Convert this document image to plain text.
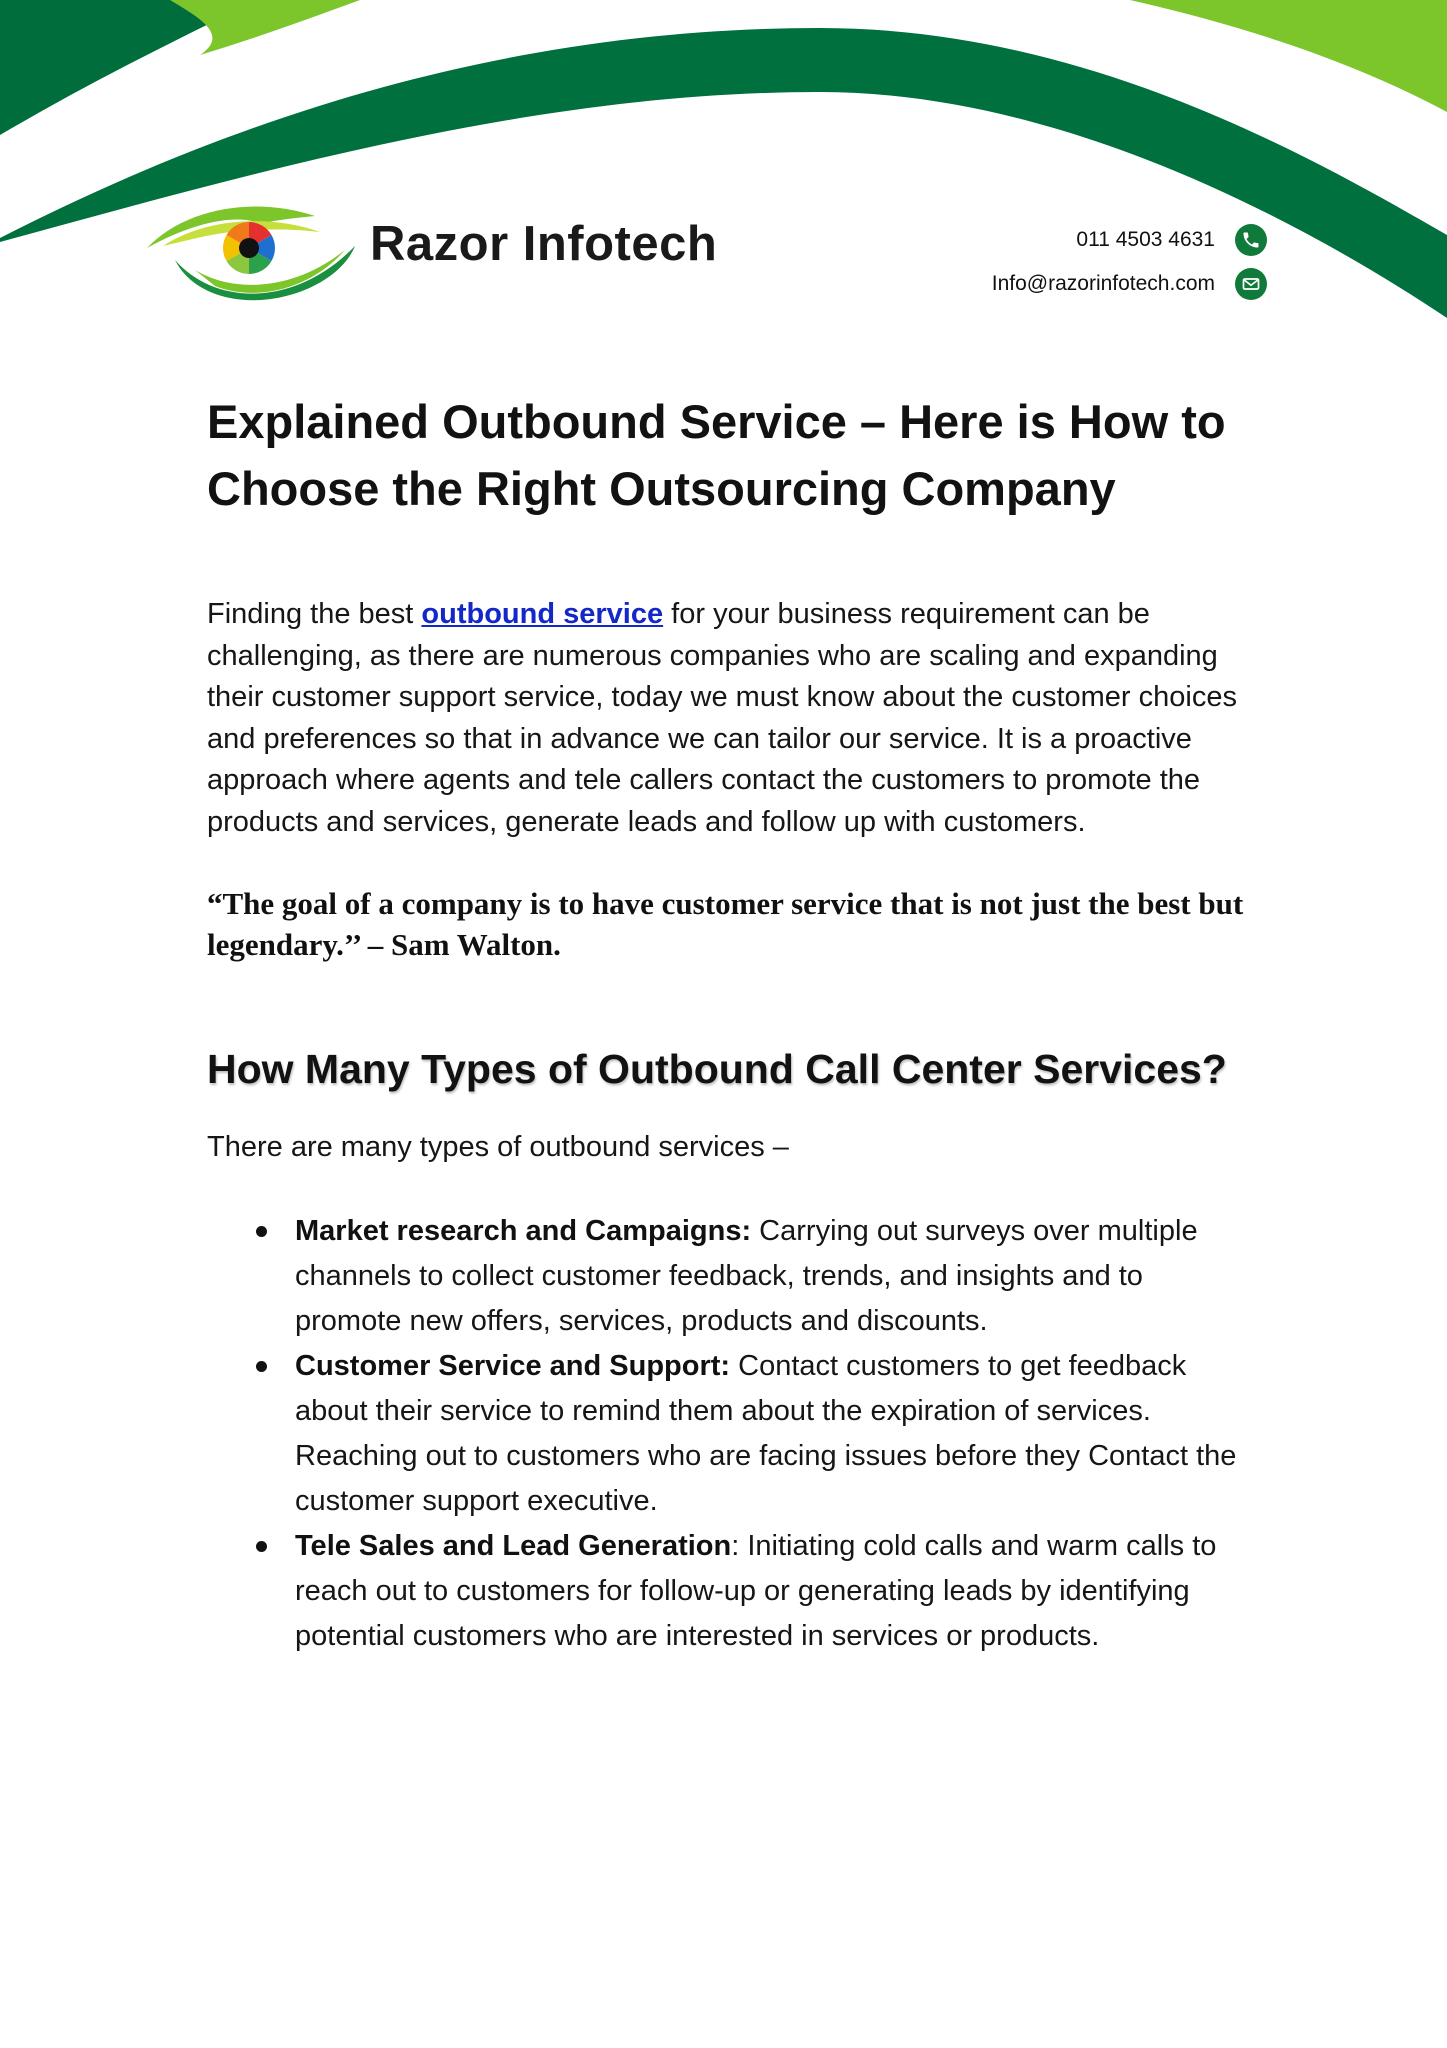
Razor Infotech	011 4503 4631
Info@razorinfotech.com
Explained Outbound Service – Here is How to Choose the Right Outsourcing Company

Finding the best outbound service for your business requirement can be challenging, as there are numerous companies who are scaling and expanding their customer support service, today we must know about the customer choices and preferences so that in advance we can tailor our service. It is a proactive approach where agents and tele callers contact the customers to promote the products and services, generate leads and follow up with customers.

“The goal of a company is to have customer service that is not just the best but legendary.’’ – Sam Walton.
How Many Types of Outbound Call Center Services?

There are many types of outbound services –

Market research and Campaigns: Carrying out surveys over multiple channels to collect customer feedback, trends, and insights and to promote new offers, services, products and discounts.
Customer Service and Support: Contact customers to get feedback about their service to remind them about the expiration of services. Reaching out to customers who are facing issues before they Contact the customer support executive.
Tele Sales and Lead Generation: Initiating cold calls and warm calls to reach out to customers for follow-up or generating leads by identifying potential customers who are interested in services or products.
